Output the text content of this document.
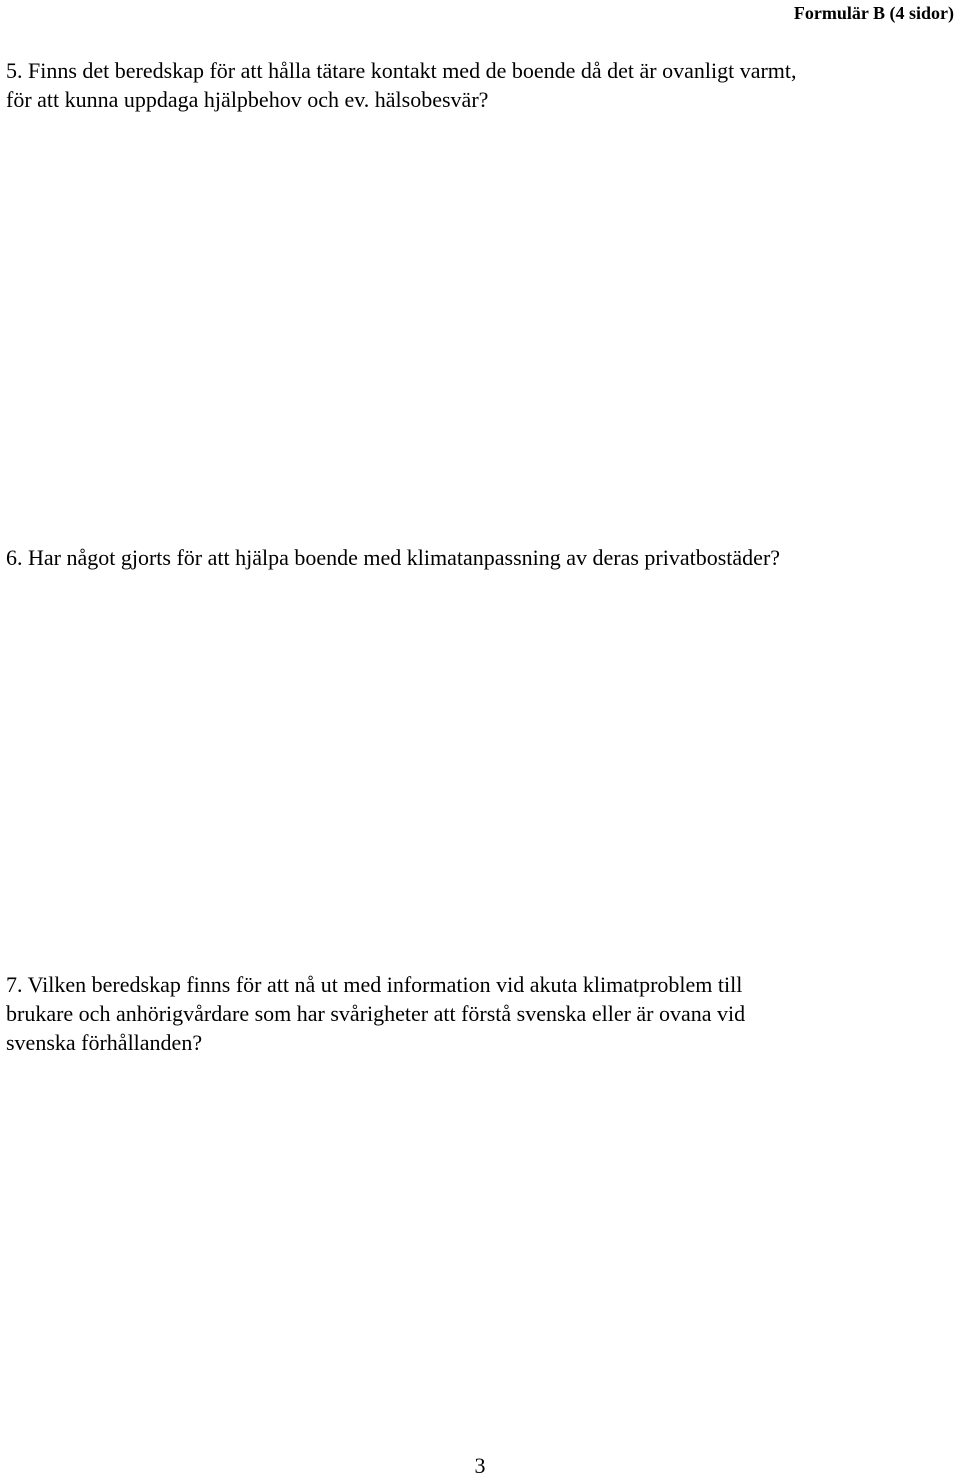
Formulär B (4 sidor)
5. Finns det beredskap för att hålla tätare kontakt med de boende då det är ovanligt varmt,
för att kunna uppdaga hjälpbehov och ev. hälsobesvär?
6. Har något gjorts för att hjälpa boende med klimatanpassning av deras privatbostäder?
7. Vilken beredskap finns för att nå ut med information vid akuta klimatproblem till
brukare och anhörigvårdare som har svårigheter att förstå svenska eller är ovana vid
svenska förhållanden?
3
